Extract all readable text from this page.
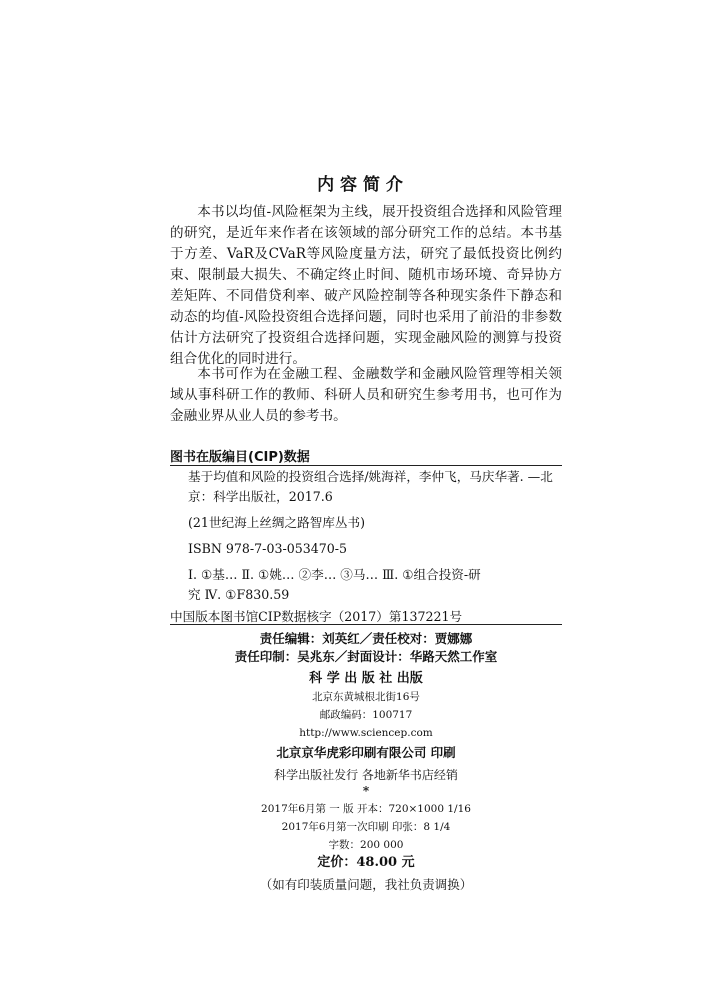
内 容 简 介

本书以均值-风险框架为主线，展开投资组合选择和风险管理的研究，是近年来作者在该领域的部分研究工作的总结。本书基于方差、VaR及CVaR等风险度量方法，研究了最低投资比例约束、限制最大损失、不确定终止时间、随机市场环境、奇异协方差矩阵、不同借贷利率、破产风险控制等各种现实条件下静态和动态的均值-风险投资组合选择问题，同时也采用了前沿的非参数估计方法研究了投资组合选择问题，实现金融风险的测算与投资组合优化的同时进行。

本书可作为在金融工程、金融数学和金融风险管理等相关领域从事科研工作的教师、科研人员和研究生参考用书，也可作为金融业界从业人员的参考书。

图书在版编目(CIP)数据
基于均值和风险的投资组合选择/姚海祥，李仲飞，马庆华著. —北
京：科学出版社，2017.6
(21世纪海上丝绸之路智库丛书)
ISBN 978-7-03-053470-5
Ⅰ. ①基… Ⅱ. ①姚… ②李… ③马… Ⅲ. ①组合投资-研
究 Ⅳ. ①F830.59
中国版本图书馆CIP数据核字（2017）第137221号
责任编辑：刘英红／责任校对：贾娜娜
责任印制：吴兆东／封面设计：华路天然工作室
科 学 出 版 社 出版
北京东黄城根北街16号
邮政编码：100717
http://www.sciencep.com
北京京华虎彩印刷有限公司 印刷
科学出版社发行 各地新华书店经销
*
2017年6月第 一 版 开本：720×1000 1/16
2017年6月第一次印刷 印张：8 1/4
字数：200 000
定价：48.00 元
（如有印装质量问题，我社负责调换）
